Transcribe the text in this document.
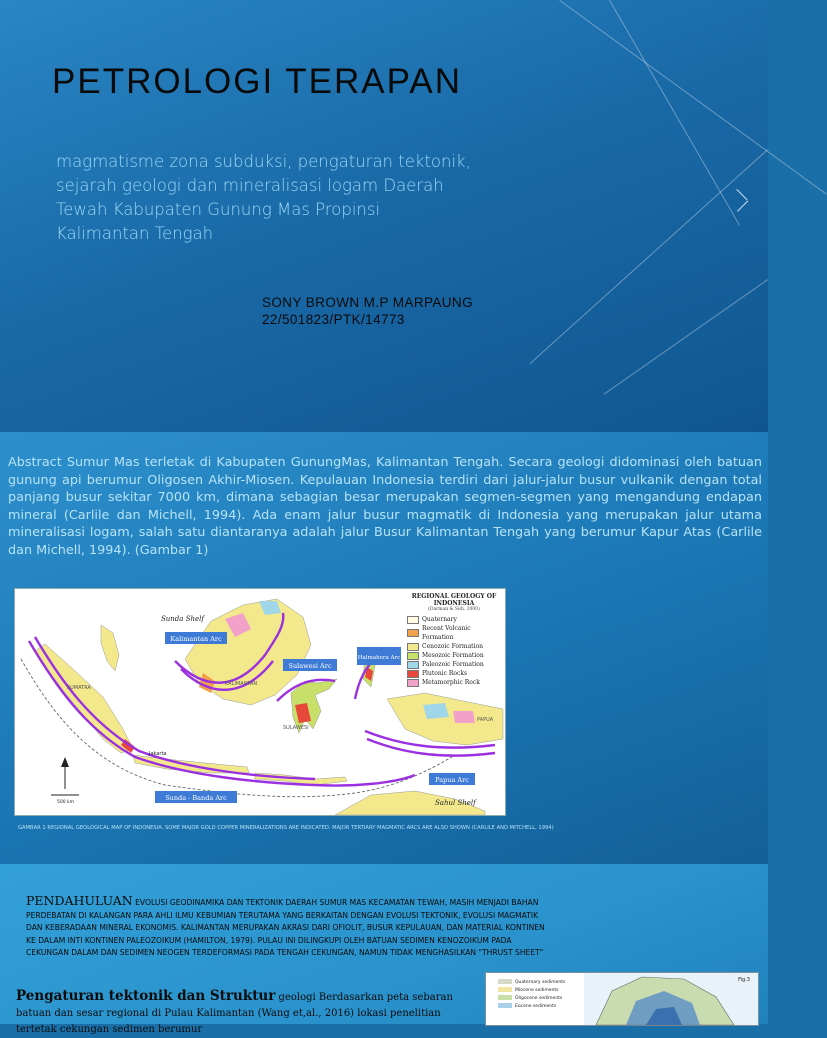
PETROLOGI TERAPAN
magmatisme zona subduksi, pengaturan tektonik, sejarah geologi dan mineralisasi logam Daerah Tewah Kabupaten Gunung Mas Propinsi Kalimantan Tengah
SONY BROWN M.P MARPAUNG
22/501823/PTK/14773

Abstract Sumur Mas terletak di Kabupaten GunungMas, Kalimantan Tengah. Secara geologi didominasi oleh batuan gunung api berumur Oligosen Akhir-Miosen. Kepulauan Indonesia terdiri dari jalur-jalur busur vulkanik dengan total panjang busur sekitar 7000 km, dimana sebagian besar merupakan segmen-segmen yang mengandung endapan mineral (Carlile dan Michell, 1994). Ada enam jalur busur magmatik di Indonesia yang merupakan jalur utama mineralisasi logam, salah satu diantaranya adalah jalur Busur Kalimantan Tengah yang berumur Kapur Atas (Carlile dan Michell, 1994). (Gambar 1)

Kalimantan Arc
Sulawesi Arc
Halmahera Arc
Sunda - Banda Arc
Papua Arc
Sunda Shelf
Sahul Shelf
Jakarta
KALIMANTAN
SULAWESI
PAPUA
SUMATRA
500 km
REGIONAL GEOLOGY OF INDONESIA
(Darman & Sidi, 2000)
Quaternary
Recent Volcanic Formation
Cenozoic Formation
Mesozoic Formation
Paleozoic Formation
Plutonic Rocks
Metamorphic Rock
GAMBAR 1 REGIONAL GEOLOGICAL MAP OF INDONESIA. SOME MAJOR GOLD COPPER MINERALIZATIONS ARE INDICATED. MAJOR TERTIARY MAGMATIC ARCS ARE ALSO SHOWN (CARLILE AND MITCHELL, 1994)

PENDAHULUAN EVOLUSI GEODINAMIKA DAN TEKTONIK DAERAH SUMUR MAS KECAMATAN TEWAH, MASIH MENJADI BAHAN PERDEBATAN DI KALANGAN PARA AHLI ILMU KEBUMIAN TERUTAMA YANG BERKAITAN DENGAN EVOLUSI TEKTONIK, EVOLUSI MAGMATIK DAN KEBERADAAN MINERAL EKONOMIS. KALIMANTAN MERUPAKAN AKRASI DARI OFIOLIT, BUSUR KEPULAUAN, DAN MATERIAL KONTINEN KE DALAM INTI KONTINEN PALEOZOIKUM (HAMILTON, 1979). PULAU INI DILINGKUPI OLEH BATUAN SEDIMEN KENOZOIKUM PADA CEKUNGAN DALAM DAN SEDIMEN NEOGEN TERDEFORMASI PADA TENGAH CEKUNGAN, NAMUN TIDAK MENGHASILKAN "THRUST SHEET"

Pengaturan tektonik dan Struktur geologi Berdasarkan peta sebaran batuan dan sesar regional di Pulau Kalimantan (Wang et,al., 2016) lokasi penelitian tertetak cekungan sedimen berumur

Quaternary sediments
Miocene sediments
Oligocene sediments
Eocene sediments
Fig.3
